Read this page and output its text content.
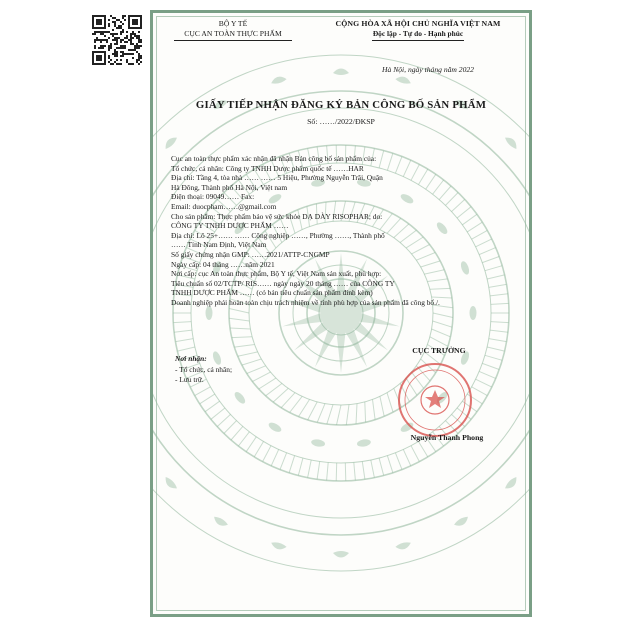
BỘ Y TẾ
CỤC AN TOÀN THỰC PHẨM
CỘNG HÒA XÃ HỘI CHỦ NGHĨA VIỆT NAM
Độc lập - Tự do - Hạnh phúc
Hà Nội, ngày tháng năm 2022
GIẤY TIẾP NHẬN ĐĂNG KÝ BẢN CÔNG BỐ SẢN PHẨM
Số: ……/2022/ĐKSP

Cục an toàn thực phẩm xác nhận đã nhận Bản công bố sản phẩm của:

Tổ chức, cá nhân: Công ty TNHH Dược phẩm quốc tế ……HAR

Địa chỉ: Tầng 4, tòa nhà …… …… 5 Hiệu, Phường Nguyễn Trãi, Quận

Hà Đông, Thành phố Hà Nội, Việt nam

Điện thoại: 09049…… Fax:

Email: duocpham……@gmail.com

Cho sản phẩm: Thực phẩm bảo vệ sức khỏe DẠ DÀY RISOPHAR; do:

CÔNG TY TNHH DƯỢC PHẨM ……

Địa chỉ: Lô 25+…… …… Công nghiệp ……, Phường ……, Thành phố

…… Tỉnh Nam Định, Việt Nam

Số giấy chứng nhận GMP: ……2021/ATTP-CNGMP

Ngày cấp: 04 tháng ……năm 2021

Nơi cấp: cục An toàn thực phẩm, Bộ Y tế, Việt Nam sản xuất, phù hợp:

Tiêu chuẩn số 02/TCTP/ RIS…… ngày ngày 20 tháng …… của CÔNG TY

TNHH DƯỢC PHẨM …… (có bản tiêu chuẩn sản phẩm đính kèm)

Doanh nghiệp phải hoàn toàn chịu trách nhiệm về tính phù hợp của sản phẩm đã công bố./.

Nơi nhận:
- Tổ chức, cá nhân;
- Lưu trữ.
CỤC TRƯỞNG
Nguyễn Thanh Phong
